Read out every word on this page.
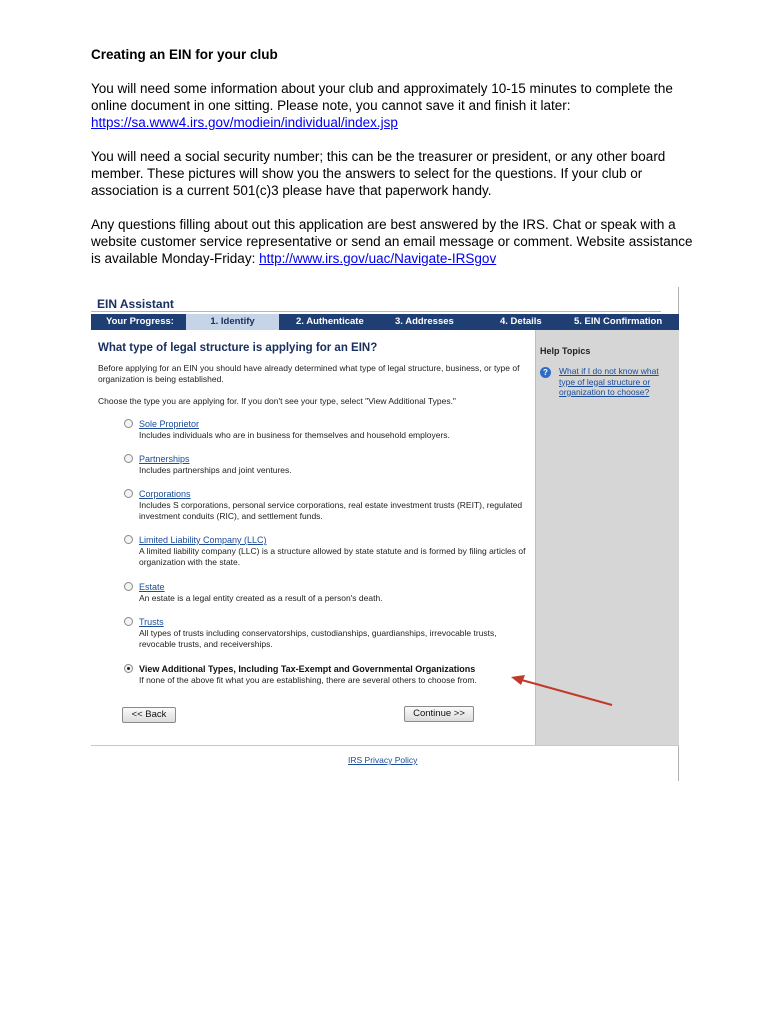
Creating an EIN for your club

You will need some information about your club and approximately 10-15 minutes to complete the online document in one sitting. Please note, you cannot save it and finish it later:
https://sa.www4.irs.gov/modiein/individual/index.jsp

You will need a social security number; this can be the treasurer or president, or any other board member. These pictures will show you the answers to select for the questions. If your club or association is a current 501(c)3 please have that paperwork handy.

Any questions filling about out this application are best answered by the IRS. Chat or speak with a website customer service representative or send an email message or comment. Website assistance is available Monday-Friday: http://www.irs.gov/uac/Navigate-IRSgov

EIN Assistant
Your Progress:	1. Identify	2. Authenticate	3. Addresses	4. Details	5. EIN Confirmation
What type of legal structure is applying for an EIN?
Before applying for an EIN you should have already determined what type of legal structure, business, or type of organization is being established.
Choose the type you are applying for. If you don't see your type, select "View Additional Types."
Sole Proprietor
Includes individuals who are in business for themselves and household employers.
Partnerships
Includes partnerships and joint ventures.
Corporations
Includes S corporations, personal service corporations, real estate investment trusts (REIT), regulated investment conduits (RIC), and settlement funds.
Limited Liability Company (LLC)
A limited liability company (LLC) is a structure allowed by state statute and is formed by filing articles of organization with the state.
Estate
An estate is a legal entity created as a result of a person's death.
Trusts
All types of trusts including conservatorships, custodianships, guardianships, irrevocable trusts, revocable trusts, and receiverships.
View Additional Types, Including Tax-Exempt and Governmental Organizations
If none of the above fit what you are establishing, there are several others to choose from.
<< Back	Continue >>
Help Topics
?	What if I do not know what type of legal structure or organization to choose?
IRS Privacy Policy
